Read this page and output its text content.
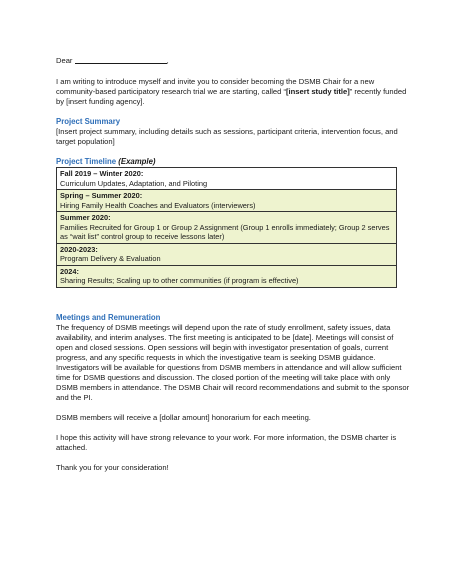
Dear	,

I am writing to introduce myself and invite you to consider becoming the DSMB Chair for a new community-based participatory research trial we are starting, called “[insert study title]” recently funded by [insert funding agency].

Project Summary

[Insert project summary, including details such as sessions, participant criteria, intervention focus, and target population]

Project Timeline (Example)

Fall 2019 – Winter 2020:
Curriculum Updates, Adaptation, and Piloting

Spring – Summer 2020:
Hiring Family Health Coaches and Evaluators (interviewers)

Summer 2020:
Families Recruited for Group 1 or Group 2 Assignment (Group 1 enrolls immediately; Group 2 serves as “wait list” control group to receive lessons later)

2020-2023:
Program Delivery & Evaluation

2024:
Sharing Results; Scaling up to other communities (if program is effective)

Meetings and Remuneration

The frequency of DSMB meetings will depend upon the rate of study enrollment, safety issues, data availability, and interim analyses. The first meeting is anticipated to be [date]. Meetings will consist of open and closed sessions. Open sessions will begin with investigator presentation of goals, current progress, and any specific requests in which the investigative team is seeking DSMB guidance. Investigators will be available for questions from DSMB members in attendance and will allow sufficient time for DSMB questions and discussion. The closed portion of the meeting will take place with only DSMB members in attendance. The DSMB Chair will record recommendations and submit to the sponsor and the PI.

DSMB members will receive a [dollar amount] honorarium for each meeting.

I hope this activity will have strong relevance to your work. For more information, the DSMB charter is attached.

Thank you for your consideration!
